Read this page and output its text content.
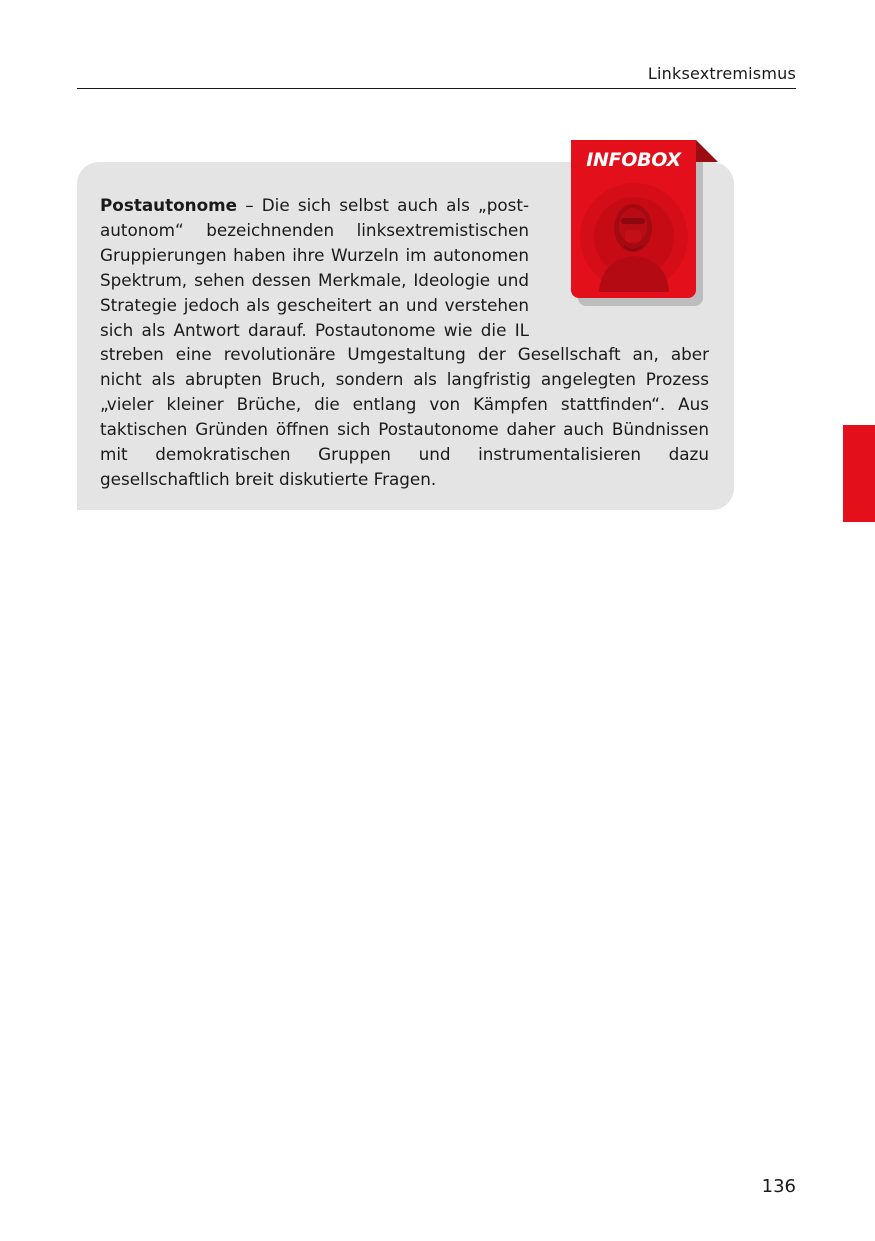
Linksextremismus
Postautonome – Die sich selbst auch als „post-autonom“ bezeichnenden linksextremistischen Gruppierungen haben ihre Wurzeln im autonomen Spektrum, sehen dessen Merkmale, Ideologie und Strategie jedoch als gescheitert an und verstehen sich als Antwort darauf. Postautonome wie die IL streben eine revolutionäre Umgestaltung der Gesellschaft an, aber nicht als abrupten Bruch, sondern als langfristig angelegten Prozess „vieler kleiner Brüche, die entlang von Kämpfen stattfinden“. Aus taktischen Gründen öffnen sich Postautonome daher auch Bündnissen mit demokratischen Gruppen und instrumentalisieren dazu gesellschaftlich breit diskutierte Fragen.
INFOBOX
136
